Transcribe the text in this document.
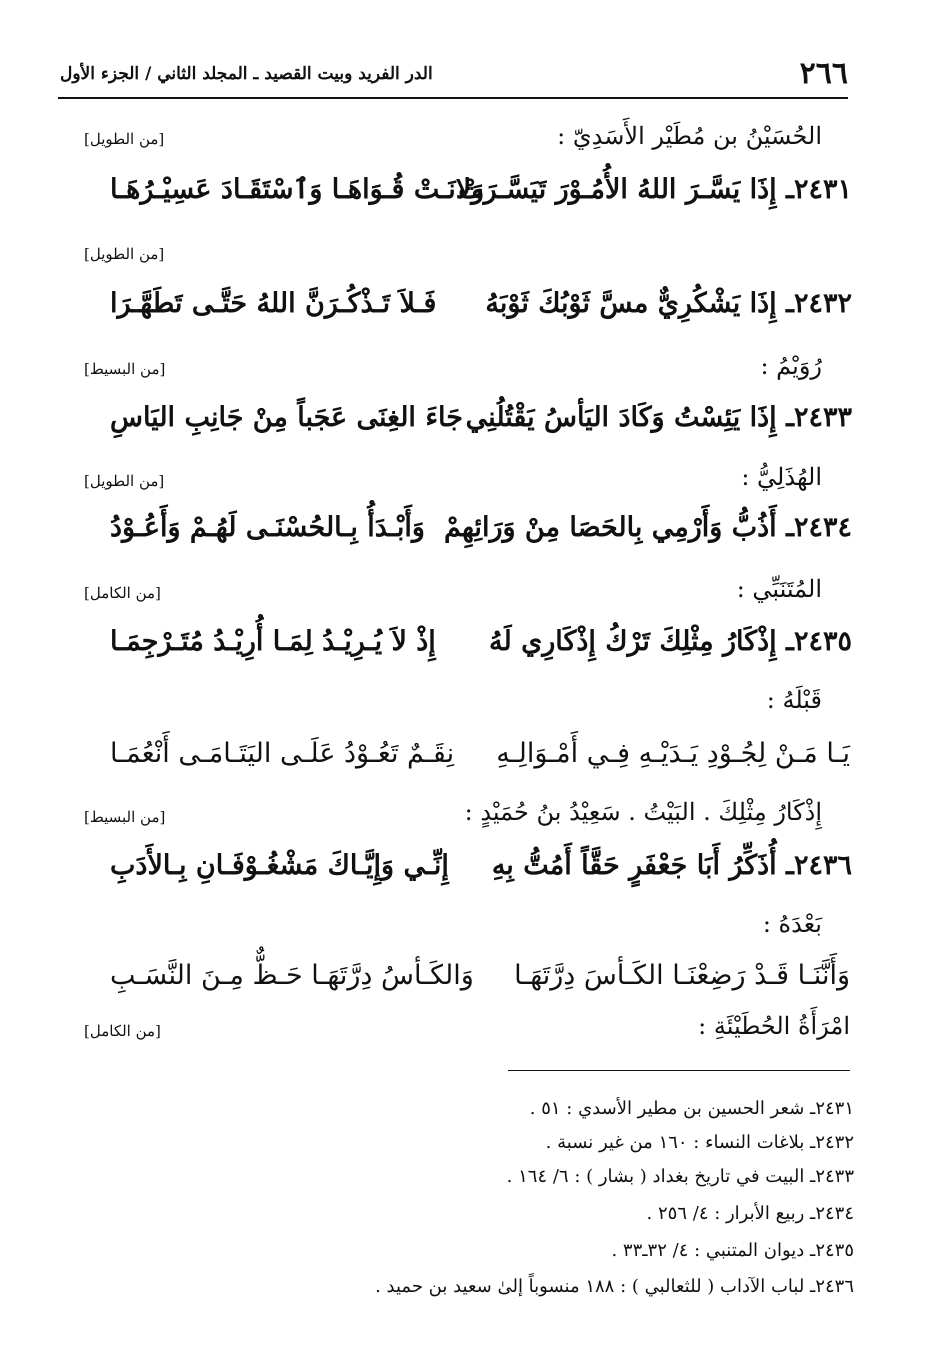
٢٦٦
الدر الفريد وبيت القصيد ـ المجلد الثاني / الجزء الأول
الحُسَيْنُ بن مُطَيْر الأَسَدِيّ :
[من الطويل]
٢٤٣١ـ إِذَا يَسَّـرَ اللهُ الأُمُـوْرَ تَيَسَّـرَتْ
وَلانَـتْ قُـوَاهَـا وَٱسْتَقَـادَ عَسِيْـرُهَـا
[من الطويل]
٢٤٣٢ـ إِذَا يَشْكُرِيٌّ مسَّ ثَوْبُكَ ثَوْبَهُ
فَـلاَ تَـذْكُـرَنَّ اللهُ حَتَّـى تَطَهَّـرَا
رُوَيْمُ :
[من البسيط]
٢٤٣٣ـ إِذَا يَئِسْتُ وَكَادَ اليَأسُ يَقْتُلُنِي
جَاءَ الغِنَى عَجَباً مِنْ جَانِبِ اليَاسِ
الهُذَلِيُّ :
[من الطويل]
٢٤٣٤ـ أَذُبُّ وَأَرْمِي بِالحَصَا مِنْ وَرَائِهِمْ
وَأَبْـدَأُ بِـالحُسْنَـى لَهُـمْ وَأَعُـوْدُ
المُتَنَبِّي :
[من الكامل]
٢٤٣٥ـ إِذْكَارُ مِثْلِكَ تَرْكُ إِذْكَارِي لَهُ
إِذْ لاَ يُـرِيْـدُ لِمَـا أُرِيْـدُ مُتَـرْجِمَـا
قَبْلَهُ :
يَـا مَـنْ لِجُـوْدِ يَـدَيْـهِ فِـي أَمْـوَالِـهِ
نِقَـمٌ تَعُـوْدُ عَلَـى اليَتَـامَـى أَنْعُمَـا
إِذْكَارُ مِثْلِكَ . البَيْتُ . سَعِيْدُ بنُ حُمَيْدٍ :
[من البسيط]
٢٤٣٦ـ أُذَكِّرُ أَبَا جَعْفَرٍ حَقَّاً أَمُتُّ بِهِ
إِنِّـي وَإِيَّـاكَ مَشْغُـوْفَـانِ بِـالأَدَبِ
بَعْدَهُ :
وَأَنَّنَـا قَـدْ رَضِعْنَـا الكَـأسَ دِرَّتَهَـا
وَالكَـأسُ دِرَّتَهَـا حَـظٌّ مِـنَ النَّسَـبِ
امْرَأَةُ الحُطَيْئَةِ :
[من الكامل]
٢٤٣١ـ شعر الحسين بن مطير الأسدي : ٥١ .
٢٤٣٢ـ بلاغات النساء : ١٦٠ من غير نسبة .
٢٤٣٣ـ البيت في تاريخ بغداد ( بشار ) : ٦/ ١٦٤ .
٢٤٣٤ـ ربيع الأبرار : ٤/ ٢٥٦ .
٢٤٣٥ـ ديوان المتنبي : ٤/ ٣٢ـ٣٣ .
٢٤٣٦ـ لباب الآداب ( للثعالبي ) : ١٨٨ منسوباً إلىٰ سعيد بن حميد .
